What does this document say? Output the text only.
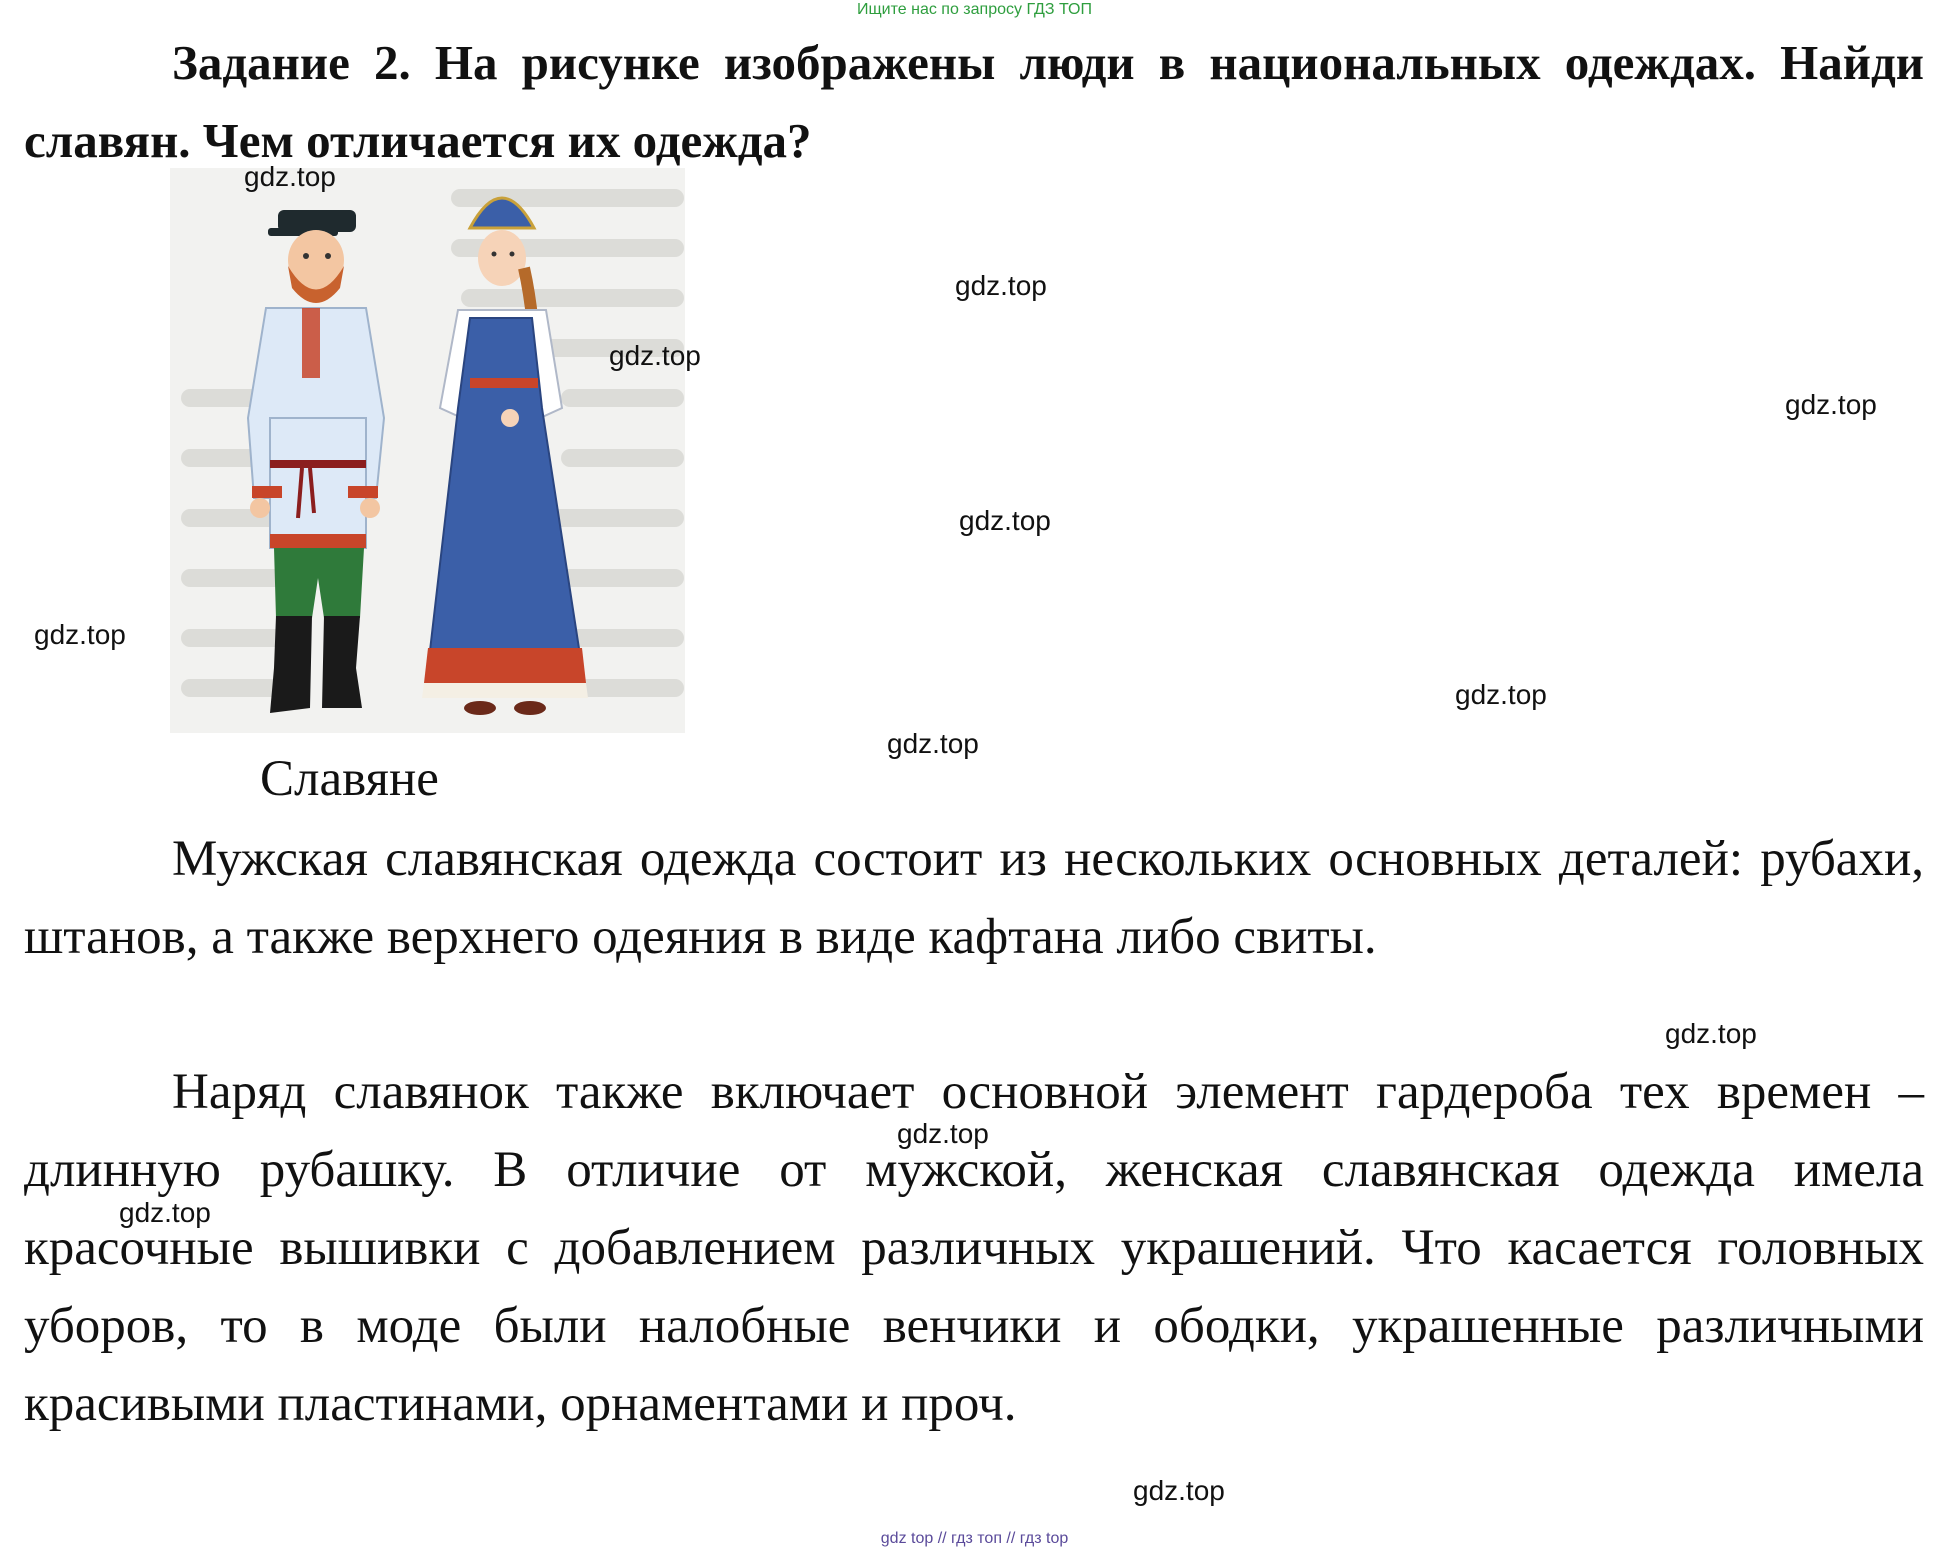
Ищите нас по запросу ГДЗ ТОП
Задание 2. На рисунке изображены люди в национальных одеждах. Найди славян. Чем отличается их одежда?
Славяне
Мужская славянская одежда состоит из нескольких основных деталей: рубахи, штанов, а также верхнего одеяния в виде кафтана либо свиты.
Наряд славянок также включает основной элемент гардероба тех времен – длинную рубашку. В отличие от мужской, женская славянская одежда имела красочные вышивки с добавлением различных украшений. Что касается головных уборов, то в моде были налобные венчики и ободки, украшенные различными красивыми пластинами, орнаментами и проч.
gdz.top
gdz.top
gdz.top
gdz.top
gdz.top
gdz.top
gdz.top
gdz.top
gdz.top
gdz.top
gdz.top
gdz.top
gdz top // гдз топ // гдз top
